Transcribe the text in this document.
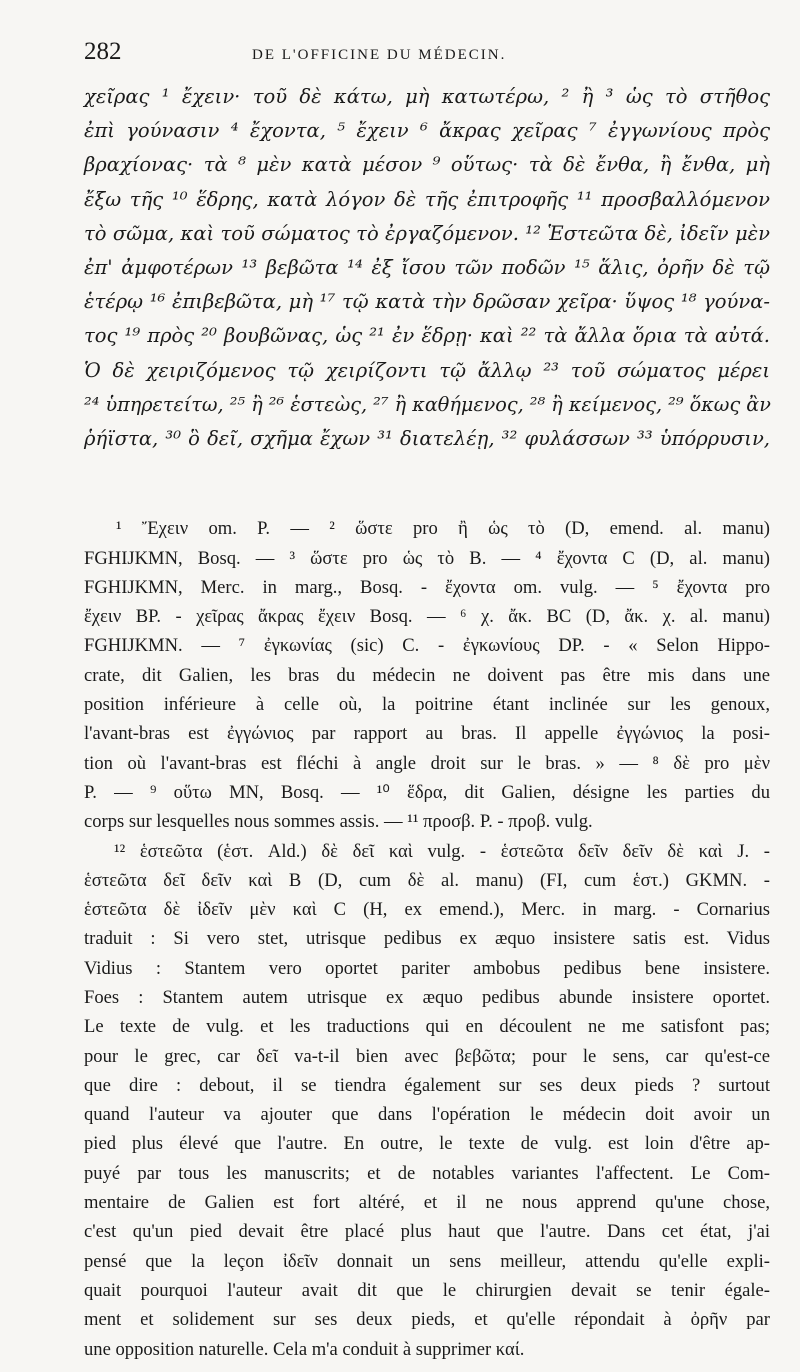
282	DE L'OFFICINE DU MÉDECIN.
χεῖρας ¹ ἔχειν· τοῦ δὲ κάτω, μὴ κατωτέρω, ² ἢ ³ ὡς τὸ στῆθος
ἐπὶ γούνασιν ⁴ ἔχοντα, ⁵ ἔχειν ⁶ ἄκρας χεῖρας ⁷ ἐγγωνίους πρὸς
βραχίονας· τὰ ⁸ μὲν κατὰ μέσον ⁹ οὕτως· τὰ δὲ ἔνθα, ἢ ἔνθα, μὴ
ἔξω τῆς ¹⁰ ἕδρης, κατὰ λόγον δὲ τῆς ἐπιτροφῆς ¹¹ προσβαλλόμενον
τὸ σῶμα, καὶ τοῦ σώματος τὸ ἐργαζόμενον. ¹² Ἑστεῶτα δὲ, ἰδεῖν μὲν
ἐπ' ἀμφοτέρων ¹³ βεβῶτα ¹⁴ ἐξ ἴσου τῶν ποδῶν ¹⁵ ἅλις, ὀρῆν δὲ τῷ
ἑτέρῳ ¹⁶ ἐπιβεβῶτα, μὴ ¹⁷ τῷ κατὰ τὴν δρῶσαν χεῖρα· ὕψος ¹⁸ γούνα-
τος ¹⁹ πρὸς ²⁰ βουβῶνας, ὡς ²¹ ἐν ἕδρῃ· καὶ ²² τὰ ἄλλα ὅρια τὰ αὐτά.
Ὁ δὲ χειριζόμενος τῷ χειρίζοντι τῷ ἄλλῳ ²³ τοῦ σώματος μέρει
²⁴ ὑπηρετείτω, ²⁵ ἢ ²⁶ ἑστεὼς, ²⁷ ἢ καθήμενος, ²⁸ ἢ κείμενος, ²⁹ ὅκως ἂν
ῥήϊστα, ³⁰ ὃ δεῖ, σχῆμα ἔχων ³¹ διατελέῃ, ³² φυλάσσων ³³ ὑπόρρυσιν,
¹ Ἔχειν om. P. — ² ὥστε pro ἢ ὡς τὸ (D, emend. al. manu)
FGHIJKMN, Bosq. — ³ ὥστε pro ὡς τὸ B. — ⁴ ἔχοντα C (D, al. manu)
FGHIJKMN, Merc. in marg., Bosq. - ἔχοντα om. vulg. — ⁵ ἔχοντα pro
ἔχειν BP. - χεῖρας ἄκρας ἔχειν Bosq. — ⁶ χ. ἄκ. BC (D, ἄκ. χ. al. manu)
FGHIJKMN. — ⁷ ἐγκωνίας (sic) C. - ἐγκωνίους DP. - « Selon Hippo-
crate, dit Galien, les bras du médecin ne doivent pas être mis dans une
position inférieure à celle où, la poitrine étant inclinée sur les genoux,
l'avant-bras est ἐγγώνιος par rapport au bras. Il appelle ἐγγώνιος la posi-
tion où l'avant-bras est fléchi à angle droit sur le bras. » — ⁸ δὲ pro μὲν
P. — ⁹ οὕτω MN, Bosq. — ¹⁰ ἕδρα, dit Galien, désigne les parties du
corps sur lesquelles nous sommes assis. — ¹¹ προσβ. P. - προβ. vulg.
¹² ἑστεῶτα (ἑστ. Ald.) δὲ δεῖ καὶ vulg. - ἑστεῶτα δεῖν δεῖν δὲ καὶ J. -
ἑστεῶτα δεῖ δεῖν καὶ B (D, cum δὲ al. manu) (FI, cum ἑστ.) GKMN. -
ἑστεῶτα δὲ ἰδεῖν μὲν καὶ C (H, ex emend.), Merc. in marg. - Cornarius
traduit : Si vero stet, utrisque pedibus ex æquo insistere satis est. Vidus
Vidius : Stantem vero oportet pariter ambobus pedibus bene insistere.
Foes : Stantem autem utrisque ex æquo pedibus abunde insistere oportet.
Le texte de vulg. et les traductions qui en découlent ne me satisfont pas;
pour le grec, car δεῖ va-t-il bien avec βεβῶτα; pour le sens, car qu'est-ce
que dire : debout, il se tiendra également sur ses deux pieds ? surtout
quand l'auteur va ajouter que dans l'opération le médecin doit avoir un
pied plus élevé que l'autre. En outre, le texte de vulg. est loin d'être ap-
puyé par tous les manuscrits; et de notables variantes l'affectent. Le Com-
mentaire de Galien est fort altéré, et il ne nous apprend qu'une chose,
c'est qu'un pied devait être placé plus haut que l'autre. Dans cet état, j'ai
pensé que la leçon ἰδεῖν donnait un sens meilleur, attendu qu'elle expli-
quait pourquoi l'auteur avait dit que le chirurgien devait se tenir égale-
ment et solidement sur ses deux pieds, et qu'elle répondait à ὀρῆν par
une opposition naturelle. Cela m'a conduit à supprimer καί.
